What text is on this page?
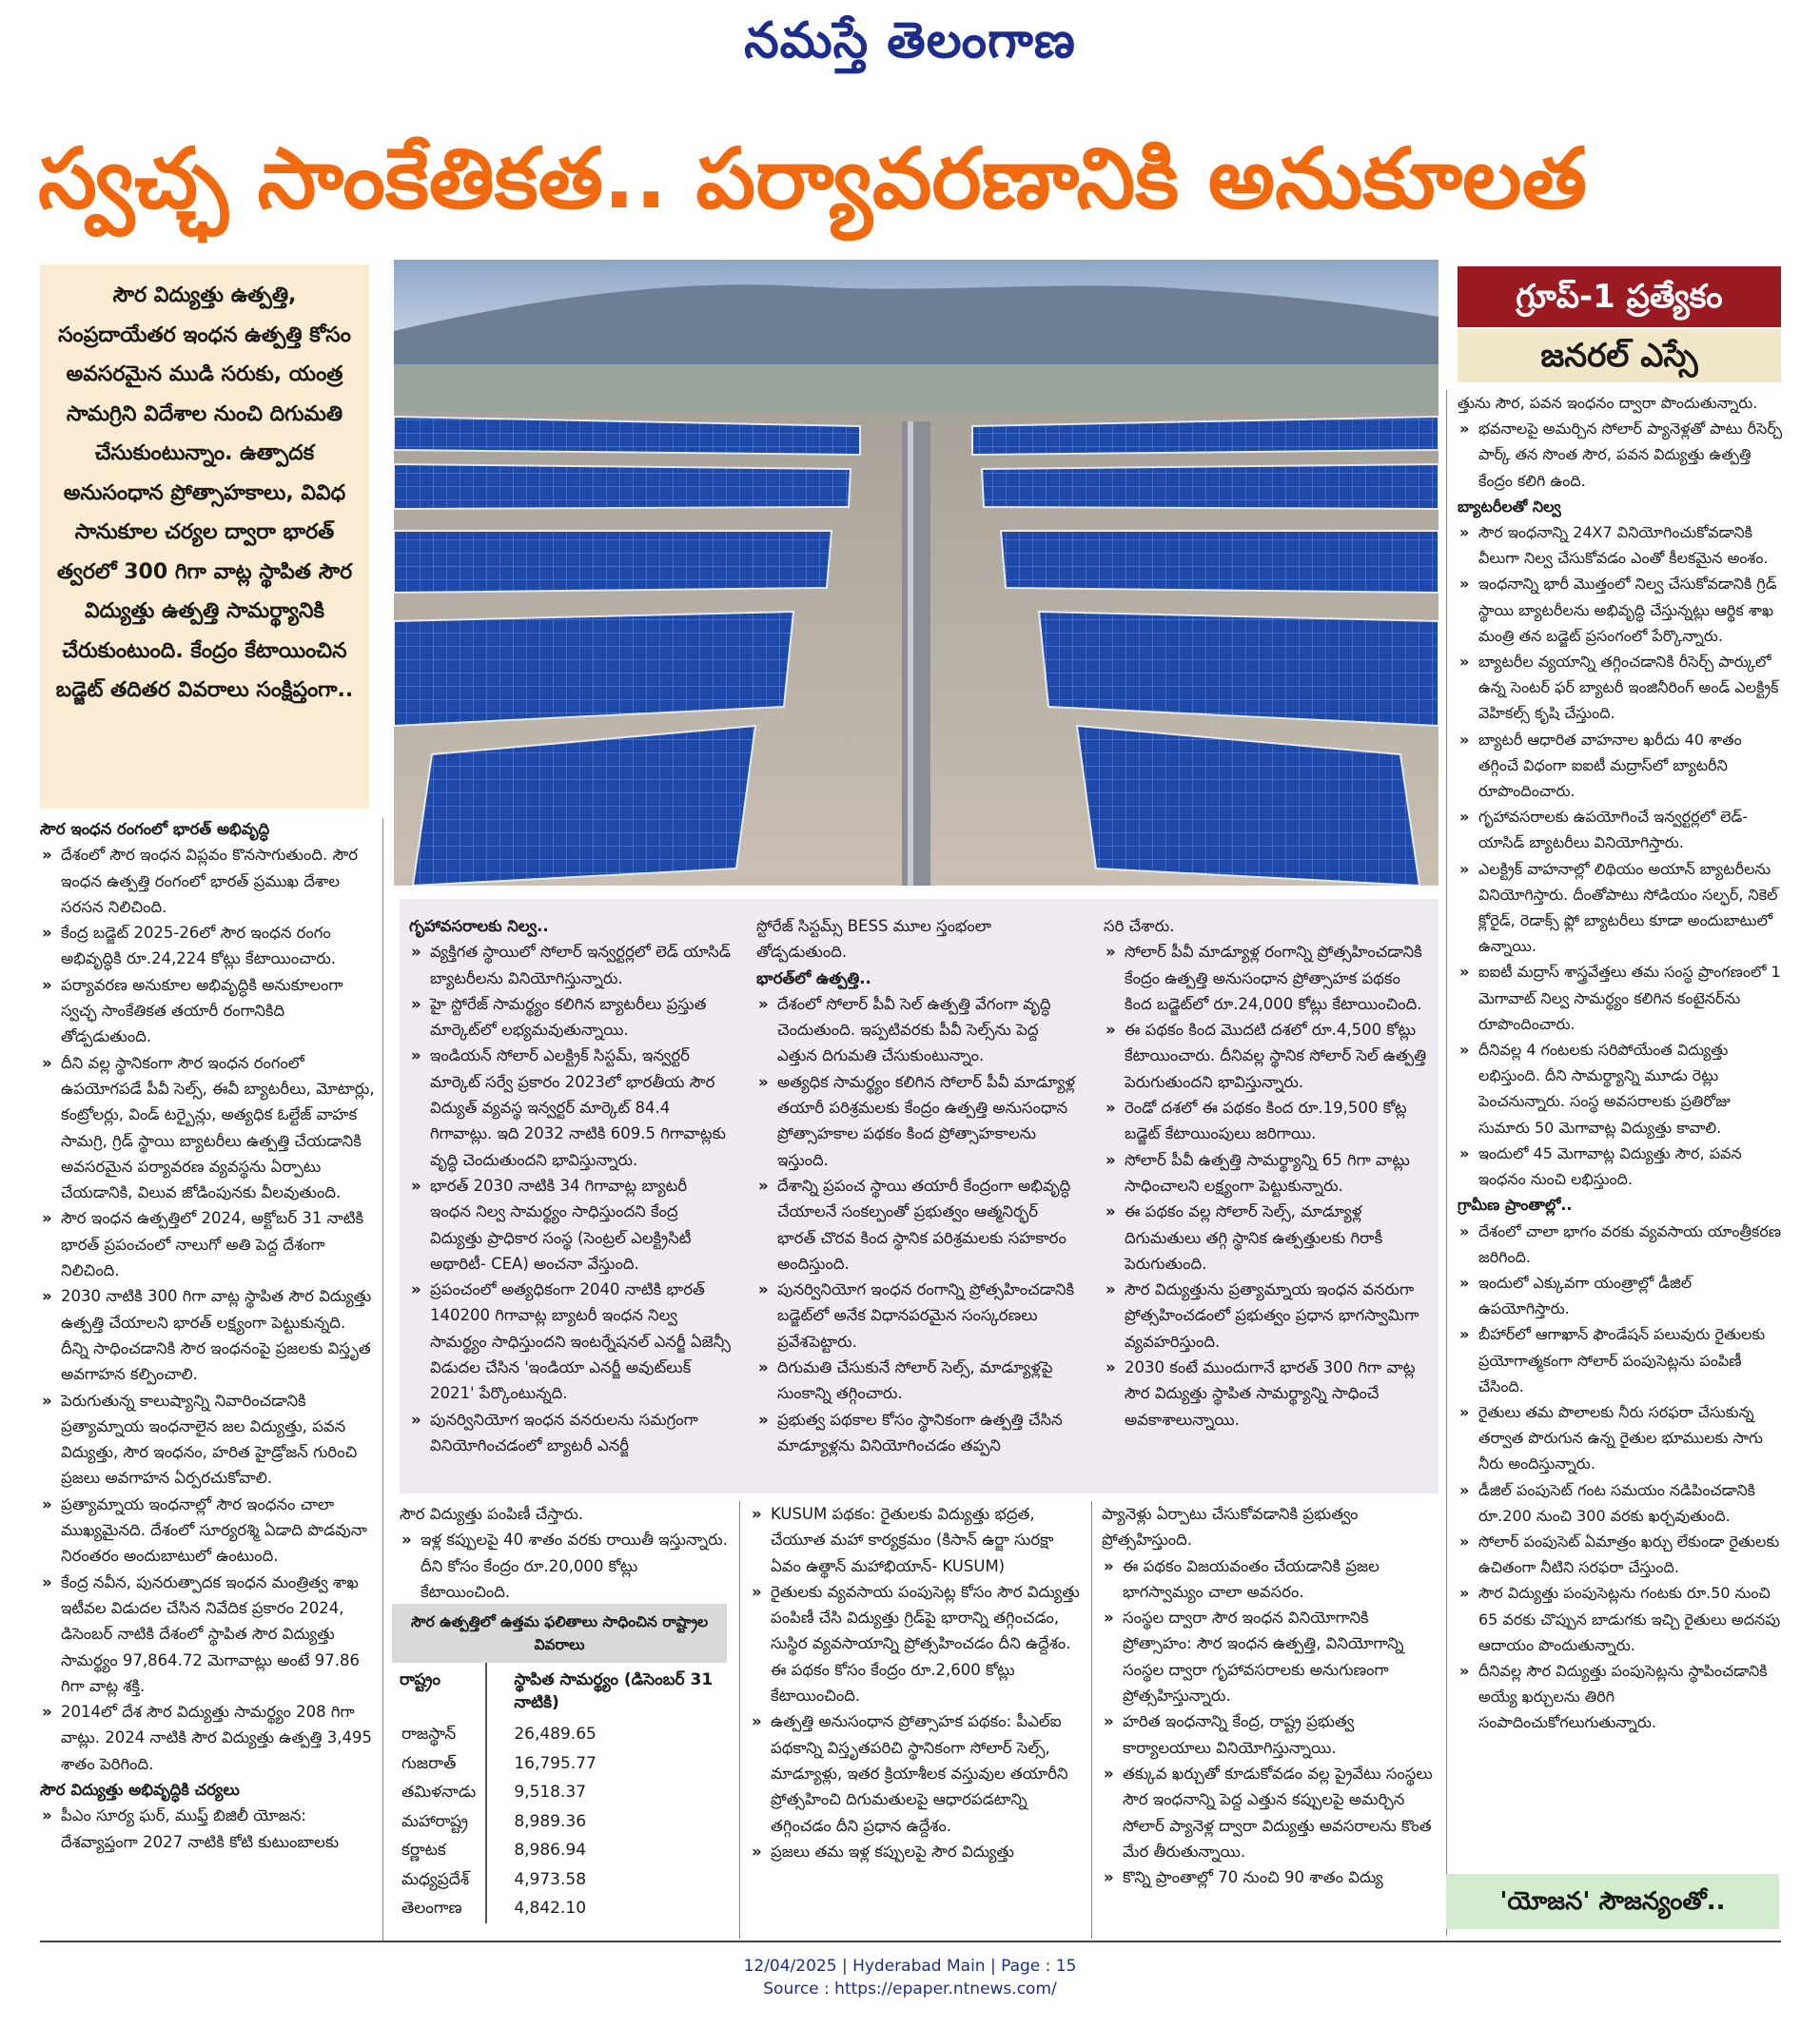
నమస్తే తెలంగాణ
స్వచ్ఛ సాంకేతికత.. పర్యావరణానికి అనుకూలత
సౌర విద్యుత్తు ఉత్పత్తి, సంప్రదాయేతర ఇంధన ఉత్పత్తి కోసం అవసరమైన ముడి సరుకు, యంత్ర సామగ్రిని విదేశాల నుంచి దిగుమతి చేసుకుంటున్నాం. ఉత్పాదక అనుసంధాన ప్రోత్సాహకాలు, వివిధ సానుకూల చర్యల ద్వారా భారత్ త్వరలో 300 గిగా వాట్ల స్థాపిత సౌర విద్యుత్తు ఉత్పత్తి సామర్థ్యానికి చేరుకుంటుంది. కేంద్రం కేటాయించిన బడ్జెట్ తదితర వివరాలు సంక్షిప్తంగా..
గ్రూప్-1 ప్రత్యేకం
జనరల్ ఎస్సే

సౌర ఇంధన రంగంలో భారత్ అభివృద్ధి

» దేశంలో సౌర ఇంధన విప్లవం కొనసాగుతుంది. సౌర ఇంధన ఉత్పత్తి రంగంలో భారత్ ప్రముఖ దేశాల సరసన నిలిచింది.

» కేంద్ర బడ్జెట్ 2025-26లో సౌర ఇంధన రంగం అభివృద్ధికి రూ.24,224 కోట్లు కేటాయించారు.

» పర్యావరణ అనుకూల అభివృద్ధికి అనుకూలంగా స్వచ్ఛ సాంకేతికత తయారీ రంగానికిది తోడ్పడుతుంది.

» దీని వల్ల స్థానికంగా సౌర ఇంధన రంగంలో ఉపయోగపడే పీవీ సెల్స్, ఈవీ బ్యాటరీలు, మోటార్లు, కంట్రోలర్లు, విండ్ టర్బైన్లు, అత్యధిక ఓల్టేజ్ వాహక సామగ్రి, గ్రిడ్ స్థాయి బ్యాటరీలు ఉత్పత్తి చేయడానికి అవసరమైన పర్యావరణ వ్యవస్థను ఏర్పాటు చేయడానికి, విలువ జోడింపునకు వీలవుతుంది.

» సౌర ఇంధన ఉత్పత్తిలో 2024, అక్టోబర్ 31 నాటికి భారత్ ప్రపంచంలో నాలుగో అతి పెద్ద దేశంగా నిలిచింది.

» 2030 నాటికి 300 గిగా వాట్ల స్థాపిత సౌర విద్యుత్తు ఉత్పత్తి చేయాలని భారత్ లక్ష్యంగా పెట్టుకున్నది. దీన్ని సాధించడానికి సౌర ఇంధనంపై ప్రజలకు విస్తృత అవగాహన కల్పించాలి.

» పెరుగుతున్న కాలుష్యాన్ని నివారించడానికి ప్రత్యామ్నాయ ఇంధనాలైన జల విద్యుత్తు, పవన విద్యుత్తు, సౌర ఇంధనం, హరిత హైడ్రోజన్ గురించి ప్రజలు అవగాహన ఏర్పరచుకోవాలి.

» ప్రత్యామ్నాయ ఇంధనాల్లో సౌర ఇంధనం చాలా ముఖ్యమైనది. దేశంలో సూర్యరశ్మి ఏడాది పొడవునా నిరంతరం అందుబాటులో ఉంటుంది.

» కేంద్ర నవీన, పునరుత్పాదక ఇంధన మంత్రిత్వ శాఖ ఇటీవల విడుదల చేసిన నివేదిక ప్రకారం 2024, డిసెంబర్ నాటికి దేశంలో స్థాపిత సౌర విద్యుత్తు సామర్థ్యం 97,864.72 మెగావాట్లు అంటే 97.86 గిగా వాట్ల శక్తి.

» 2014లో దేశ సౌర విద్యుత్తు సామర్థ్యం 208 గిగా వాట్లు. 2024 నాటికి సౌర విద్యుత్తు ఉత్పత్తి 3,495 శాతం పెరిగింది.

సౌర విద్యుత్తు అభివృద్ధికి చర్యలు

» పీఎం సూర్య ఘర్, ముఫ్త్ బిజిలీ యోజన: దేశవ్యాప్తంగా 2027 నాటికి కోటి కుటుంబాలకు

గృహావసరాలకు నిల్వ..

» వ్యక్తిగత స్థాయిలో సోలార్ ఇన్వర్టర్లలో లెడ్ యాసిడ్ బ్యాటరీలను వినియోగిస్తున్నారు.

» హై స్టోరేజ్ సామర్థ్యం కలిగిన బ్యాటరీలు ప్రస్తుత మార్కెట్‌లో లభ్యమవుతున్నాయి.

» ఇండియన్ సోలార్ ఎలక్ట్రిక్ సిస్టమ్, ఇన్వర్టర్ మార్కెట్ సర్వే ప్రకారం 2023లో భారతీయ సౌర విద్యుత్ వ్యవస్థ ఇన్వర్టర్ మార్కెట్ 84.4 గిగావాట్లు. ఇది 2032 నాటికి 609.5 గిగావాట్లకు వృద్ధి చెందుతుందని భావిస్తున్నారు.

» భారత్ 2030 నాటికి 34 గిగావాట్ల బ్యాటరీ ఇంధన నిల్వ సామర్థ్యం సాధిస్తుందని కేంద్ర విద్యుత్తు ప్రాధికార సంస్థ (సెంట్రల్ ఎలక్ట్రిసిటీ అథారిటీ- CEA) అంచనా వేస్తుంది.

» ప్రపంచంలో అత్యధికంగా 2040 నాటికి భారత్ 140200 గిగావాట్ల బ్యాటరీ ఇంధన నిల్వ సామర్థ్యం సాధిస్తుందని ఇంటర్నేషనల్ ఎనర్జీ ఏజెన్సీ విడుదల చేసిన 'ఇండియా ఎనర్జీ అవుట్‌లుక్ 2021' పేర్కొంటున్నది.

» పునర్వినియోగ ఇంధన వనరులను సమగ్రంగా వినియోగించడంలో బ్యాటరీ ఎనర్జీ

స్టోరేజ్ సిస్టమ్స్ BESS మూల స్తంభంలా తోడ్పడుతుంది.

భారత్‌లో ఉత్పత్తి..

» దేశంలో సోలార్ పీవీ సెల్ ఉత్పత్తి వేగంగా వృద్ధి చెందుతుంది. ఇప్పటివరకు పీవీ సెల్స్‌ను పెద్ద ఎత్తున దిగుమతి చేసుకుంటున్నాం.

» అత్యధిక సామర్థ్యం కలిగిన సోలార్ పీవీ మాడ్యూళ్ల తయారీ పరిశ్రమలకు కేంద్రం ఉత్పత్తి అనుసంధాన ప్రోత్సాహకాల పథకం కింద ప్రోత్సాహకాలను ఇస్తుంది.

» దేశాన్ని ప్రపంచ స్థాయి తయారీ కేంద్రంగా అభివృద్ధి చేయాలనే సంకల్పంతో ప్రభుత్వం ఆత్మనిర్భర్ భారత్ చొరవ కింద స్థానిక పరిశ్రమలకు సహకారం అందిస్తుంది.

» పునర్వినియోగ ఇంధన రంగాన్ని ప్రోత్సహించడానికి బడ్జెట్‌లో అనేక విధానపరమైన సంస్కరణలు ప్రవేశపెట్టారు.

» దిగుమతి చేసుకునే సోలార్ సెల్స్, మాడ్యూళ్లపై సుంకాన్ని తగ్గించారు.

» ప్రభుత్వ పథకాల కోసం స్థానికంగా ఉత్పత్తి చేసిన మాడ్యూళ్లను వినియోగించడం తప్పని

సరి చేశారు.

» సోలార్ పీవీ మాడ్యూళ్ల రంగాన్ని ప్రోత్సహించడానికి కేంద్రం ఉత్పత్తి అనుసంధాన ప్రోత్సాహక పథకం కింద బడ్జెట్‌లో రూ.24,000 కోట్లు కేటాయించింది.

» ఈ పథకం కింద మొదటి దశలో రూ.4,500 కోట్లు కేటాయించారు. దీనివల్ల స్థానిక సోలార్ సెల్ ఉత్పత్తి పెరుగుతుందని భావిస్తున్నారు.

» రెండో దశలో ఈ పథకం కింద రూ.19,500 కోట్ల బడ్జెట్ కేటాయింపులు జరిగాయి.

» సోలార్ పీవీ ఉత్పత్తి సామర్థ్యాన్ని 65 గిగా వాట్లు సాధించాలని లక్ష్యంగా పెట్టుకున్నారు.

» ఈ పథకం వల్ల సోలార్ సెల్స్, మాడ్యూళ్ల దిగుమతులు తగ్గి స్థానిక ఉత్పత్తులకు గిరాకీ పెరుగుతుంది.

» సౌర విద్యుత్తును ప్రత్యామ్నాయ ఇంధన వనరుగా ప్రోత్సహించడంలో ప్రభుత్వం ప్రధాన భాగస్వామిగా వ్యవహరిస్తుంది.

» 2030 కంటే ముందుగానే భారత్ 300 గిగా వాట్ల సౌర విద్యుత్తు స్థాపిత సామర్థ్యాన్ని సాధించే అవకాశాలున్నాయి.

సౌర విద్యుత్తు పంపిణీ చేస్తారు.

» ఇళ్ల కప్పులపై 40 శాతం వరకు రాయితీ ఇస్తున్నారు. దీని కోసం కేంద్రం రూ.20,000 కోట్లు కేటాయించింది.

సౌర ఉత్పత్తిలో ఉత్తమ ఫలితాలు సాధించిన రాష్ట్రాల వివరాలు
రాష్ట్రం	స్థాపిత సామర్థ్యం (డిసెంబర్ 31 నాటికి)
రాజస్థాన్	26,489.65
గుజరాత్	16,795.77
తమిళనాడు	9,518.37
మహారాష్ట్ర	8,989.36
కర్ణాటక	8,986.94
మధ్యప్రదేశ్	4,973.58
తెలంగాణ	4,842.10

» KUSUM పథకం: రైతులకు విద్యుత్తు భద్రత, చేయూత మహా కార్యక్రమం (కిసాన్ ఉర్జా సురక్షా ఏవం ఉత్థాన్ మహాభియాన్- KUSUM)

» రైతులకు వ్యవసాయ పంపుసెట్ల కోసం సౌర విద్యుత్తు పంపిణీ చేసి విద్యుత్తు గ్రిడ్‌పై భారాన్ని తగ్గించడం, సుస్థిర వ్యవసాయాన్ని ప్రోత్సహించడం దీని ఉద్దేశం. ఈ పథకం కోసం కేంద్రం రూ.2,600 కోట్లు కేటాయించింది.

» ఉత్పత్తి అనుసంధాన ప్రోత్సాహక పథకం: పీఎల్ఐ పథకాన్ని విస్తృతపరిచి స్థానికంగా సోలార్ సెల్స్, మాడ్యూళ్లు, ఇతర క్రియాశీలక వస్తువుల తయారీని ప్రోత్సహించి దిగుమతులపై ఆధారపడటాన్ని తగ్గించడం దీని ప్రధాన ఉద్దేశం.

» ప్రజలు తమ ఇళ్ల కప్పులపై సౌర విద్యుత్తు

ప్యానెళ్లు ఏర్పాటు చేసుకోవడానికి ప్రభుత్వం ప్రోత్సహిస్తుంది.

» ఈ పథకం విజయవంతం చేయడానికి ప్రజల భాగస్వామ్యం చాలా అవసరం.

» సంస్థల ద్వారా సౌర ఇంధన వినియోగానికి ప్రోత్సాహం: సౌర ఇంధన ఉత్పత్తి, వినియోగాన్ని సంస్థల ద్వారా గృహావసరాలకు అనుగుణంగా ప్రోత్సహిస్తున్నారు.

» హరిత ఇంధనాన్ని కేంద్ర, రాష్ట్ర ప్రభుత్వ కార్యాలయాలు వినియోగిస్తున్నాయి.

» తక్కువ ఖర్చుతో కూడుకోవడం వల్ల ప్రైవేటు సంస్థలు సౌర ఇంధనాన్ని పెద్ద ఎత్తున కప్పులపై అమర్చిన సోలార్ ప్యానెళ్ల ద్వారా విద్యుత్తు అవసరాలను కొంత మేర తీరుతున్నాయి.

» కొన్ని ప్రాంతాల్లో 70 నుంచి 90 శాతం విద్యు

త్తును సౌర, పవన ఇంధనం ద్వారా పొందుతున్నారు.

» భవనాలపై అమర్చిన సోలార్ ప్యానెళ్లతో పాటు రీసెర్చ్ పార్క్ తన సొంత సౌర, పవన విద్యుత్తు ఉత్పత్తి కేంద్రం కలిగి ఉంది.

బ్యాటరీలతో నిల్వ

» సౌర ఇంధనాన్ని 24X7 వినియోగించుకోవడానికి వీలుగా నిల్వ చేసుకోవడం ఎంతో కీలకమైన అంశం.

» ఇంధనాన్ని భారీ మొత్తంలో నిల్వ చేసుకోవడానికి గ్రిడ్ స్థాయి బ్యాటరీలను అభివృద్ధి చేస్తున్నట్లు ఆర్థిక శాఖ మంత్రి తన బడ్జెట్ ప్రసంగంలో పేర్కొన్నారు.

» బ్యాటరీల వ్యయాన్ని తగ్గించడానికి రీసెర్చ్ పార్కులో ఉన్న సెంటర్ ఫర్ బ్యాటరీ ఇంజినీరింగ్ అండ్ ఎలక్ట్రిక్ వెహికల్స్ కృషి చేస్తుంది.

» బ్యాటరీ ఆధారిత వాహనాల ఖరీదు 40 శాతం తగ్గించే విధంగా ఐఐటీ మద్రాస్‌లో బ్యాటరీని రూపొందించారు.

» గృహావసరాలకు ఉపయోగించే ఇన్వర్టర్లలో లెడ్-యాసిడ్ బ్యాటరీలు వినియోగిస్తారు.

» ఎలక్ట్రిక్ వాహనాల్లో లిథియం అయాన్ బ్యాటరీలను వినియోగిస్తారు. దీంతోపాటు సోడియం సల్ఫర్, నికెల్ క్లోరైడ్, రెడాక్స్ ఫ్లో బ్యాటరీలు కూడా అందుబాటులో ఉన్నాయి.

» ఐఐటీ మద్రాస్ శాస్త్రవేత్తలు తమ సంస్థ ప్రాంగణంలో 1 మెగావాట్ నిల్వ సామర్థ్యం కలిగిన కంటైనర్‌ను రూపొందించారు.

» దీనివల్ల 4 గంటలకు సరిపోయేంత విద్యుత్తు లభిస్తుంది. దీని సామర్థ్యాన్ని మూడు రెట్లు పెంచనున్నారు. సంస్థ అవసరాలకు ప్రతిరోజు సుమారు 50 మెగావాట్ల విద్యుత్తు కావాలి.

» ఇందులో 45 మెగావాట్ల విద్యుత్తు సౌర, పవన ఇంధనం నుంచి లభిస్తుంది.

గ్రామీణ ప్రాంతాల్లో..

» దేశంలో చాలా భాగం వరకు వ్యవసాయ యాంత్రీకరణ జరిగింది.

» ఇందులో ఎక్కువగా యంత్రాల్లో డీజిల్ ఉపయోగిస్తారు.

» బీహార్‌లో ఆగాఖాన్ ఫౌండేషన్ పలువురు రైతులకు ప్రయోగాత్మకంగా సోలార్ పంపుసెట్లను పంపిణీ చేసింది.

» రైతులు తమ పొలాలకు నీరు సరఫరా చేసుకున్న తర్వాత పొరుగున ఉన్న రైతుల భూములకు సాగు నీరు అందిస్తున్నారు.

» డీజిల్ పంపుసెట్ గంట సమయం నడిపించడానికి రూ.200 నుంచి 300 వరకు ఖర్చవుతుంది.

» సోలార్ పంపుసెట్ ఏమాత్రం ఖర్చు లేకుండా రైతులకు ఉచితంగా నీటిని సరఫరా చేస్తుంది.

» సౌర విద్యుత్తు పంపుసెట్లను గంటకు రూ.50 నుంచి 65 వరకు చొప్పున బాడుగకు ఇచ్చి రైతులు అదనపు ఆదాయం పొందుతున్నారు.

» దీనివల్ల సౌర విద్యుత్తు పంపుసెట్లను స్థాపించడానికి అయ్యే ఖర్చులను తిరిగి సంపాదించుకోగలుగుతున్నారు.

'యోజన' సౌజన్యంతో..
12/04/2025 | Hyderabad Main | Page : 15
Source : https://epaper.ntnews.com/
